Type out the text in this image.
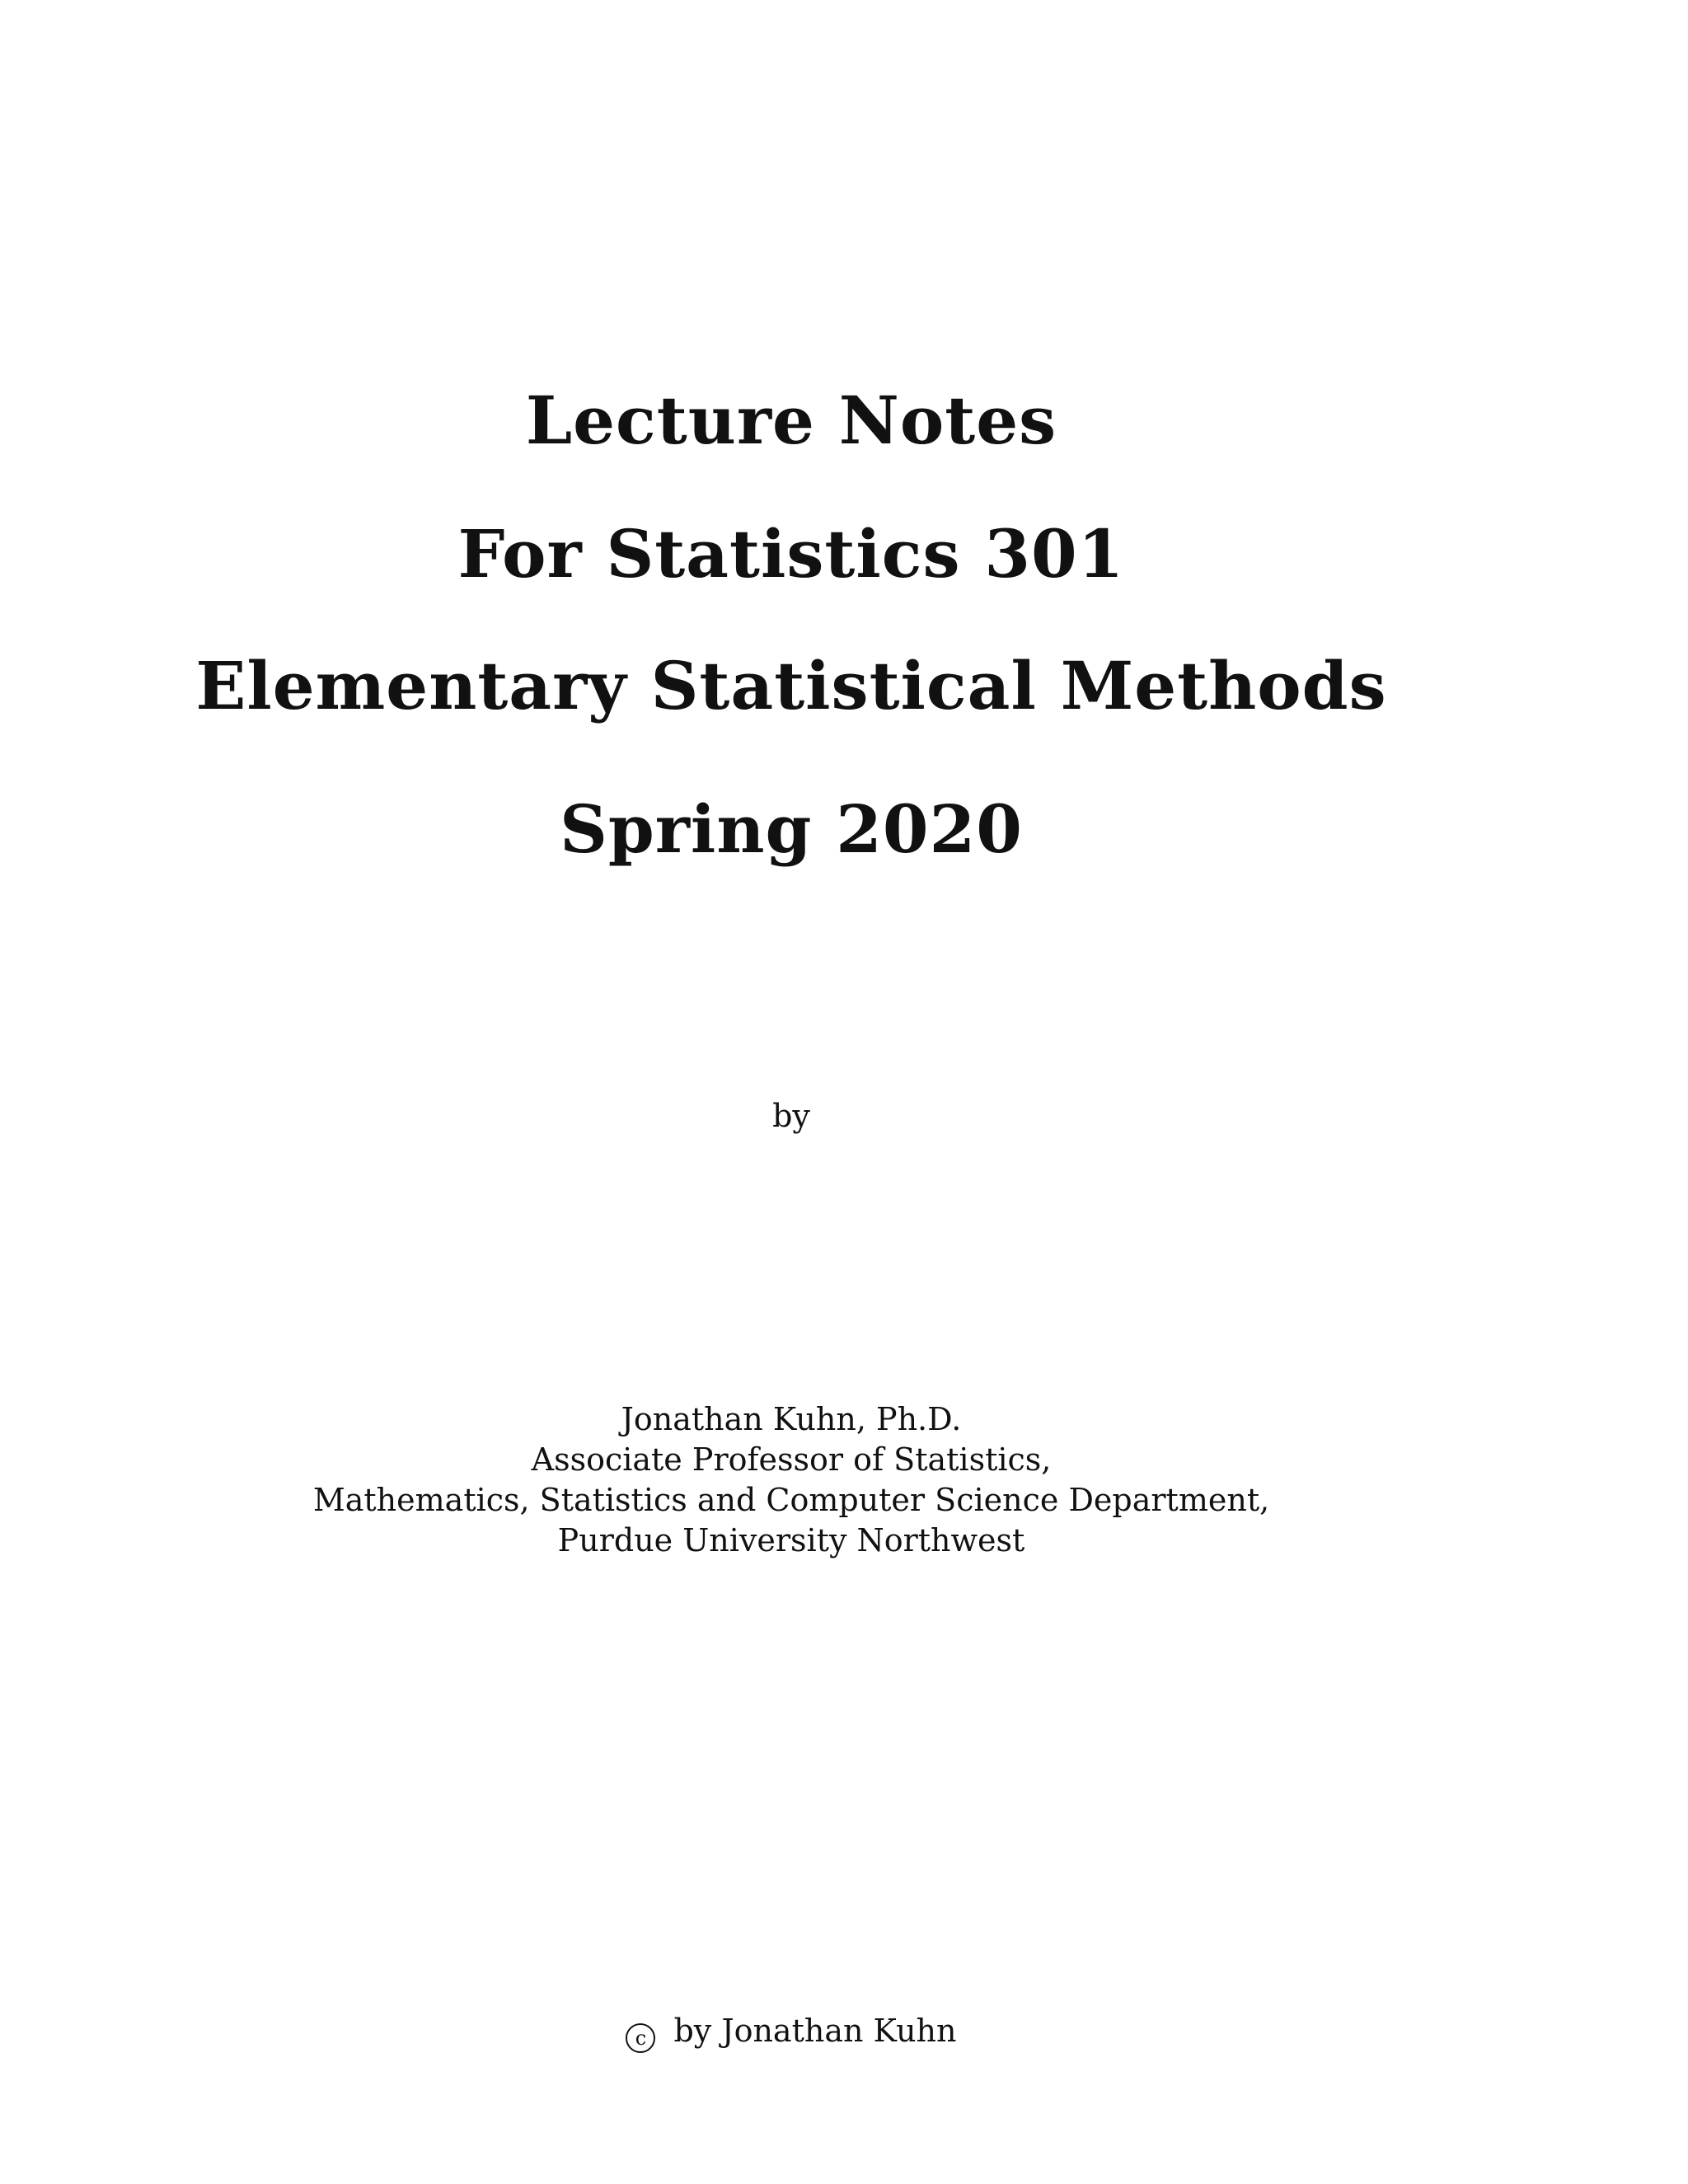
Lecture Notes
For Statistics 301
Elementary Statistical Methods
Spring 2020
by
Jonathan Kuhn, Ph.D.
Associate Professor of Statistics,
Mathematics, Statistics and Computer Science Department,
Purdue University Northwest
c by Jonathan Kuhn
